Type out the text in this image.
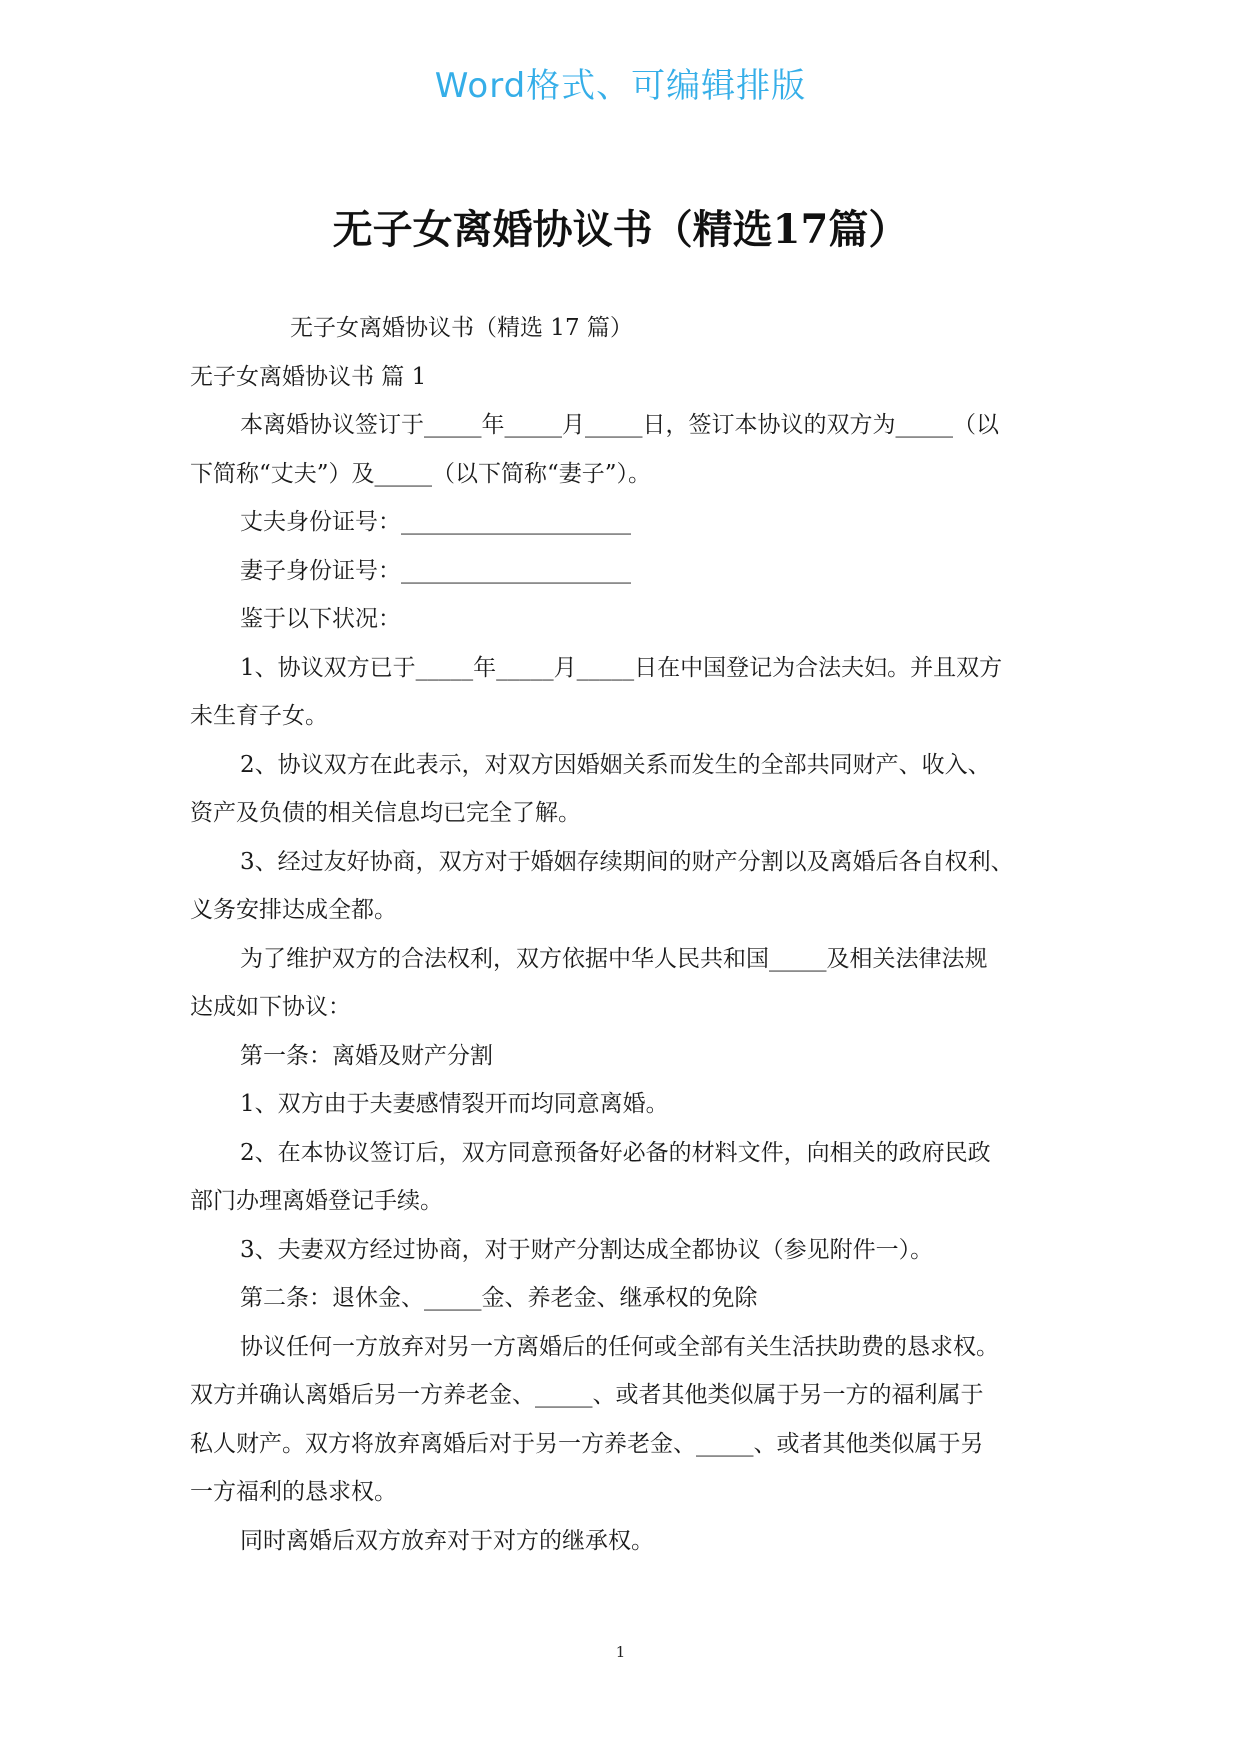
Word格式、可编辑排版
无子女离婚协议书（精选17篇）
无子女离婚协议书（精选 17 篇）
无子女离婚协议书 篇 1
本离婚协议签订于_____年_____月_____日，签订本协议的双方为_____（以
下简称“丈夫”）及_____（以下简称“妻子”）。
丈夫身份证号：____________________
妻子身份证号：____________________
鉴于以下状况：
1、协议双方已于_____年_____月_____日在中国登记为合法夫妇。并且双方
未生育子女。
2、协议双方在此表示，对双方因婚姻关系而发生的全部共同财产、收入、
资产及负债的相关信息均已完全了解。
3、经过友好协商，双方对于婚姻存续期间的财产分割以及离婚后各自权利、
义务安排达成全都。
为了维护双方的合法权利，双方依据中华人民共和国_____及相关法律法规
达成如下协议：
第一条：离婚及财产分割
1、双方由于夫妻感情裂开而均同意离婚。
2、在本协议签订后，双方同意预备好必备的材料文件，向相关的政府民政
部门办理离婚登记手续。
3、夫妻双方经过协商，对于财产分割达成全都协议（参见附件一）。
第二条：退休金、_____金、养老金、继承权的免除
协议任何一方放弃对另一方离婚后的任何或全部有关生活扶助费的恳求权。
双方并确认离婚后另一方养老金、_____、或者其他类似属于另一方的福利属于
私人财产。双方将放弃离婚后对于另一方养老金、_____、或者其他类似属于另
一方福利的恳求权。
同时离婚后双方放弃对于对方的继承权。
1
